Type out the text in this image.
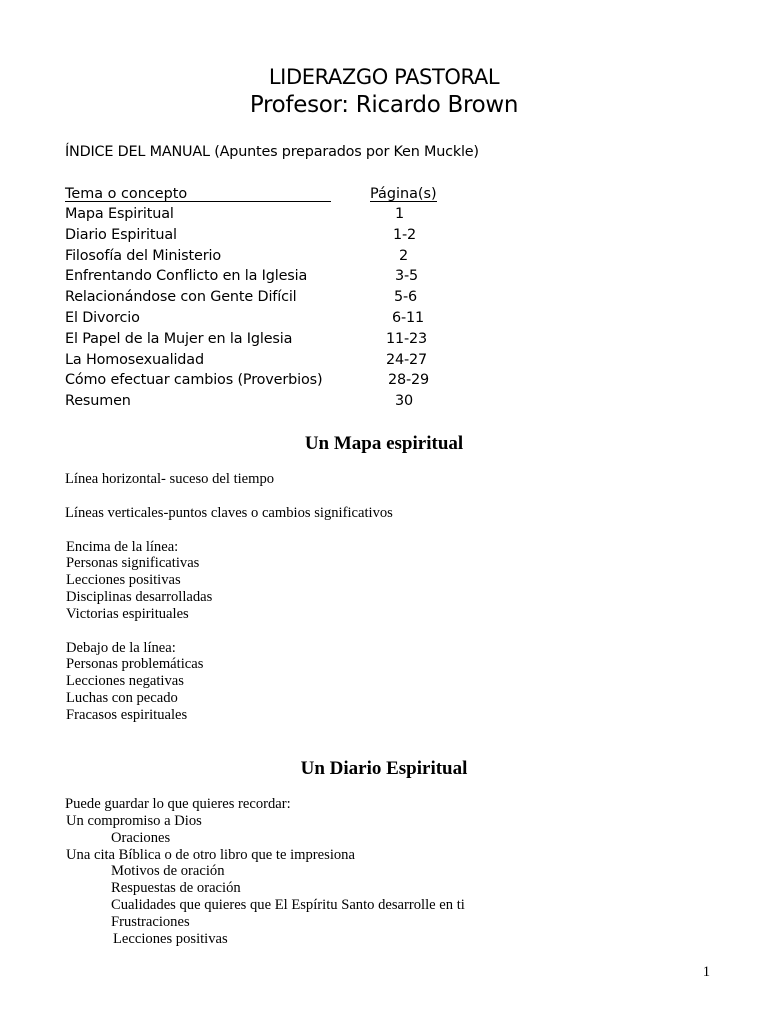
LIDERAZGO PASTORAL
Profesor: Ricardo Brown
ÍNDICE DEL MANUAL (Apuntes preparados por Ken Muckle)
Tema o concepto	Página(s)
Mapa Espiritual	1
Diario Espiritual	1-2
Filosofía del Ministerio	2
Enfrentando Conflicto en la Iglesia	3-5
Relacionándose con Gente Difícil	5-6
El Divorcio	6-11
El Papel de la Mujer en la Iglesia	11-23
La Homosexualidad	24-27
Cómo efectuar cambios (Proverbios)	28-29
Resumen	30
Un Mapa espiritual
Línea horizontal- suceso del tiempo
Líneas verticales-puntos claves o cambios significativos
Encima de la línea:
Personas significativas
Lecciones positivas
Disciplinas desarrolladas
Victorias espirituales
Debajo de la línea:
Personas problemáticas
Lecciones negativas
Luchas con pecado
Fracasos espirituales
Un Diario Espiritual
Puede guardar lo que quieres recordar:
Un compromiso a Dios
Oraciones
Una cita Bíblica o de otro libro que te impresiona
Motivos de oración
Respuestas de oración
Cualidades que quieres que El Espíritu Santo desarrolle en ti
Frustraciones
Lecciones positivas
1
